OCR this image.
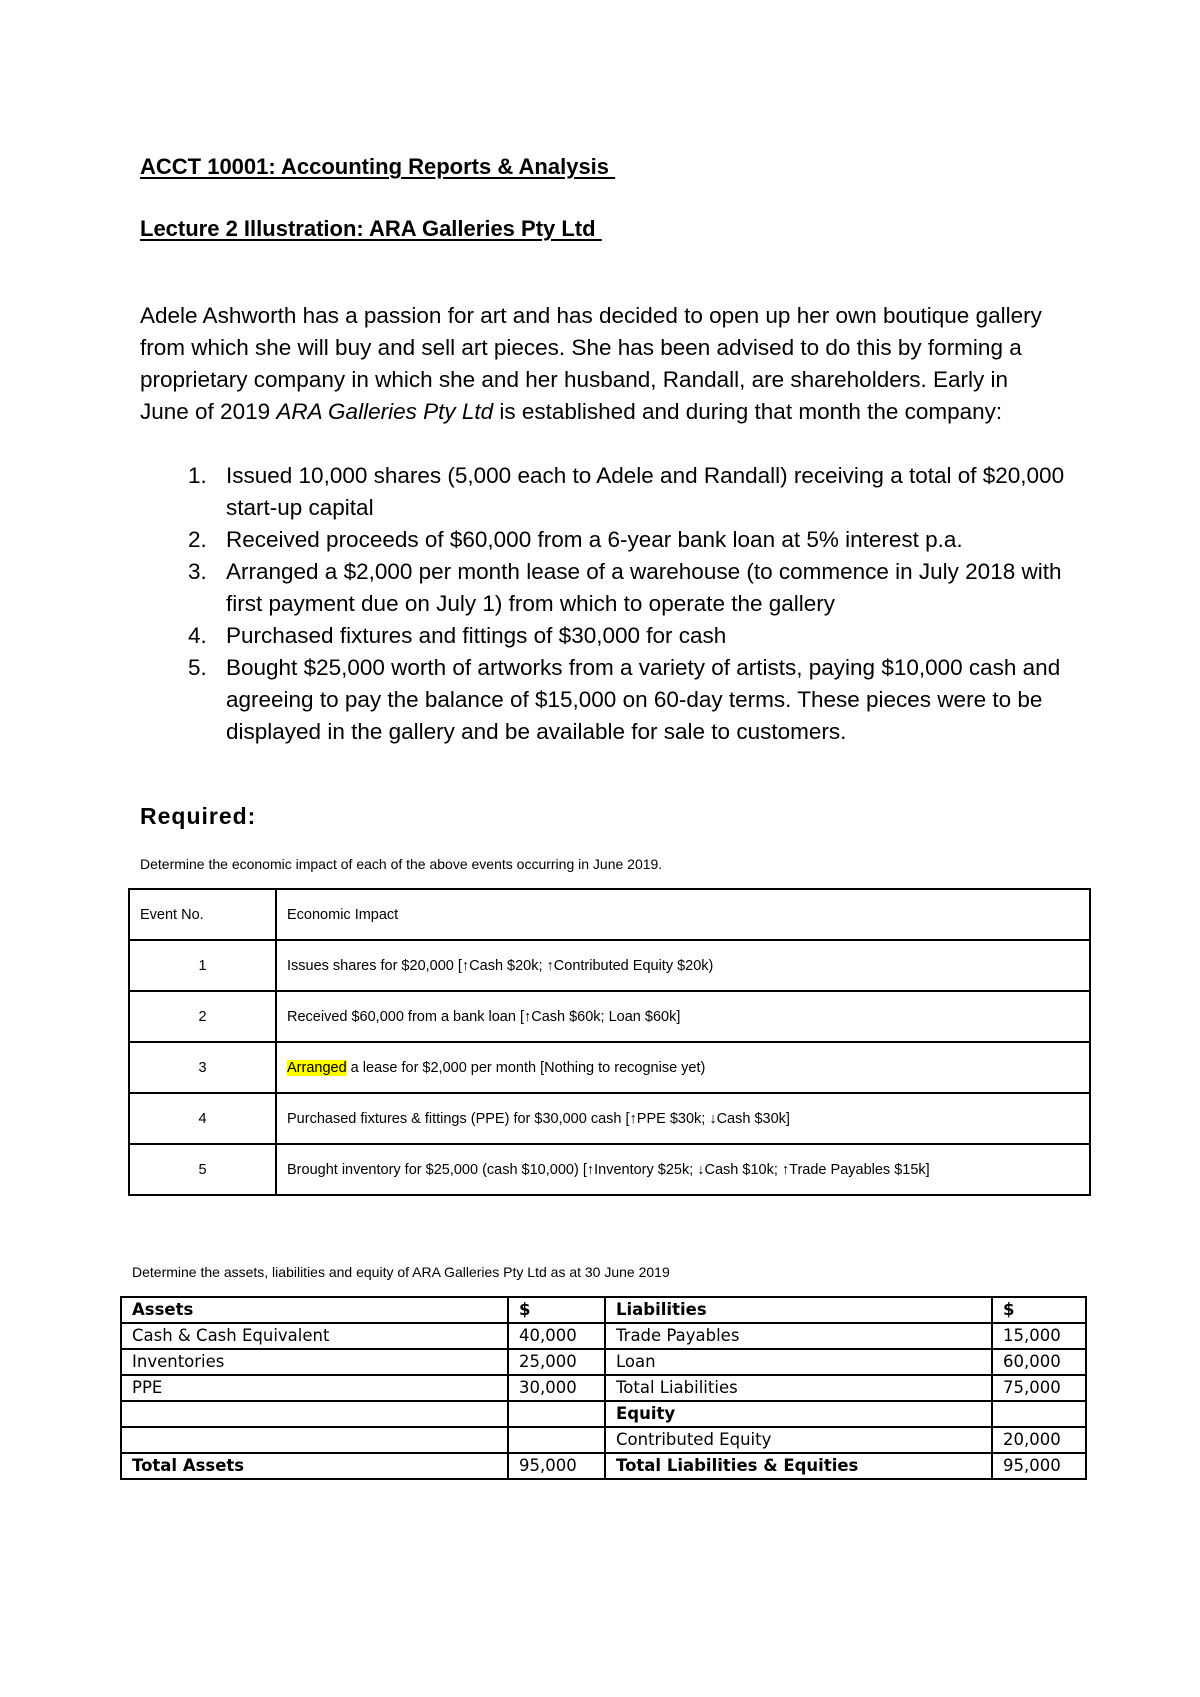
ACCT 10001: Accounting Reports & Analysis
Lecture 2 Illustration: ARA Galleries Pty Ltd

Adele Ashworth has a passion for art and has decided to open up her own boutique gallery from which she will buy and sell art pieces. She has been advised to do this by forming a proprietary company in which she and her husband, Randall, are shareholders. Early in June of 2019 ARA Galleries Pty Ltd is established and during that month the company:

1. Issued 10,000 shares (5,000 each to Adele and Randall) receiving a total of $20,000 start-up capital
2. Received proceeds of $60,000 from a 6-year bank loan at 5% interest p.a.
3. Arranged a $2,000 per month lease of a warehouse (to commence in July 2018 with first payment due on July 1) from which to operate the gallery
4. Purchased fixtures and fittings of $30,000 for cash
5. Bought $25,000 worth of artworks from a variety of artists, paying $10,000 cash and agreeing to pay the balance of $15,000 on 60-day terms. These pieces were to be displayed in the gallery and be available for sale to customers.
Required:
Determine the economic impact of each of the above events occurring in June 2019.
Event No.	Economic Impact
1	Issues shares for $20,000 [↑Cash $20k; ↑Contributed Equity $20k)
2	Received $60,000 from a bank loan [↑Cash $60k; Loan $60k]
3	Arranged a lease for $2,000 per month [Nothing to recognise yet)
4	Purchased fixtures & fittings (PPE) for $30,000 cash [↑PPE $30k; ↓Cash $30k]
5	Brought inventory for $25,000 (cash $10,000) [↑Inventory $25k; ↓Cash $10k; ↑Trade Payables $15k]
Determine the assets, liabilities and equity of ARA Galleries Pty Ltd as at 30 June 2019
Assets	$	Liabilities	$
Cash & Cash Equivalent	40,000	Trade Payables	15,000
Inventories	25,000	Loan	60,000
PPE	30,000	Total Liabilities	75,000
		Equity	
		Contributed Equity	20,000
Total Assets	95,000	Total Liabilities & Equities	95,000
